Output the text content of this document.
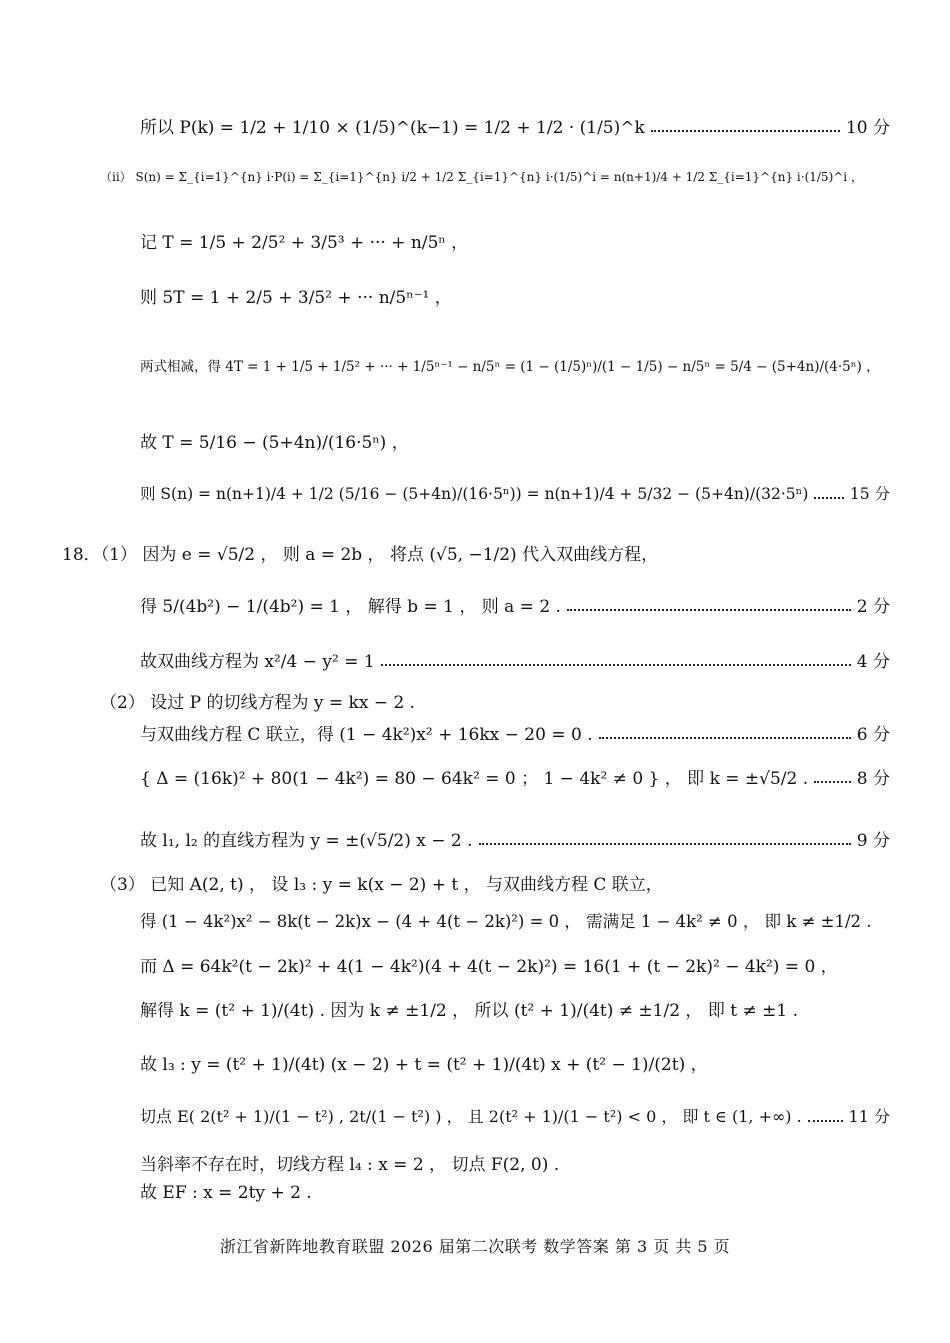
所以 P(k) = 1/2 + 1/10 × (1/5)^(k−1) = 1/2 + 1/2 · (1/5)^k	10 分
（ii） S(n) = Σ_{i=1}^{n} i·P(i) = Σ_{i=1}^{n} i/2 + 1/2 Σ_{i=1}^{n} i·(1/5)^i = n(n+1)/4 + 1/2 Σ_{i=1}^{n} i·(1/5)^i ，
记 T = 1/5 + 2/5² + 3/5³ + ··· + n/5ⁿ ，
则 5T = 1 + 2/5 + 3/5² + ··· n/5ⁿ⁻¹ ，
两式相减，得 4T = 1 + 1/5 + 1/5² + ··· + 1/5ⁿ⁻¹ − n/5ⁿ = (1 − (1/5)ⁿ)/(1 − 1/5) − n/5ⁿ = 5/4 − (5+4n)/(4·5ⁿ) ，
故 T = 5/16 − (5+4n)/(16·5ⁿ) ，
则 S(n) = n(n+1)/4 + 1/2 (5/16 − (5+4n)/(16·5ⁿ)) = n(n+1)/4 + 5/32 − (5+4n)/(32·5ⁿ)	15 分
18．（1） 因为 e = √5/2 ， 则 a = 2b ， 将点 (√5, −1/2) 代入双曲线方程，
得 5/(4b²) − 1/(4b²) = 1 ， 解得 b = 1 ， 则 a = 2 .	2 分
故双曲线方程为 x²/4 − y² = 1	4 分
（2） 设过 P 的切线方程为 y = kx − 2 .
与双曲线方程 C 联立，得 (1 − 4k²)x² + 16kx − 20 = 0 .	6 分
{ Δ = (16k)² + 80(1 − 4k²) = 80 − 64k² = 0 ； 1 − 4k² ≠ 0 } ， 即 k = ±√5/2 .	8 分
故 l₁, l₂ 的直线方程为 y = ±(√5/2) x − 2 .	9 分
（3） 已知 A(2, t) ， 设 l₃ : y = k(x − 2) + t ， 与双曲线方程 C 联立，
得 (1 − 4k²)x² − 8k(t − 2k)x − (4 + 4(t − 2k)²) = 0 ， 需满足 1 − 4k² ≠ 0 ， 即 k ≠ ±1/2 .
而 Δ = 64k²(t − 2k)² + 4(1 − 4k²)(4 + 4(t − 2k)²) = 16(1 + (t − 2k)² − 4k²) = 0 ，
解得 k = (t² + 1)/(4t) . 因为 k ≠ ±1/2 ， 所以 (t² + 1)/(4t) ≠ ±1/2 ， 即 t ≠ ±1 .
故 l₃ : y = (t² + 1)/(4t) (x − 2) + t = (t² + 1)/(4t) x + (t² − 1)/(2t) ，
切点 E( 2(t² + 1)/(1 − t²) , 2t/(1 − t²) ) ， 且 2(t² + 1)/(1 − t²) < 0 ， 即 t ∈ (1, +∞) .	11 分
当斜率不存在时，切线方程 l₄ : x = 2 ， 切点 F(2, 0) .
故 EF : x = 2ty + 2 .
浙江省新阵地教育联盟 2026 届第二次联考 数学答案 第 3 页 共 5 页
